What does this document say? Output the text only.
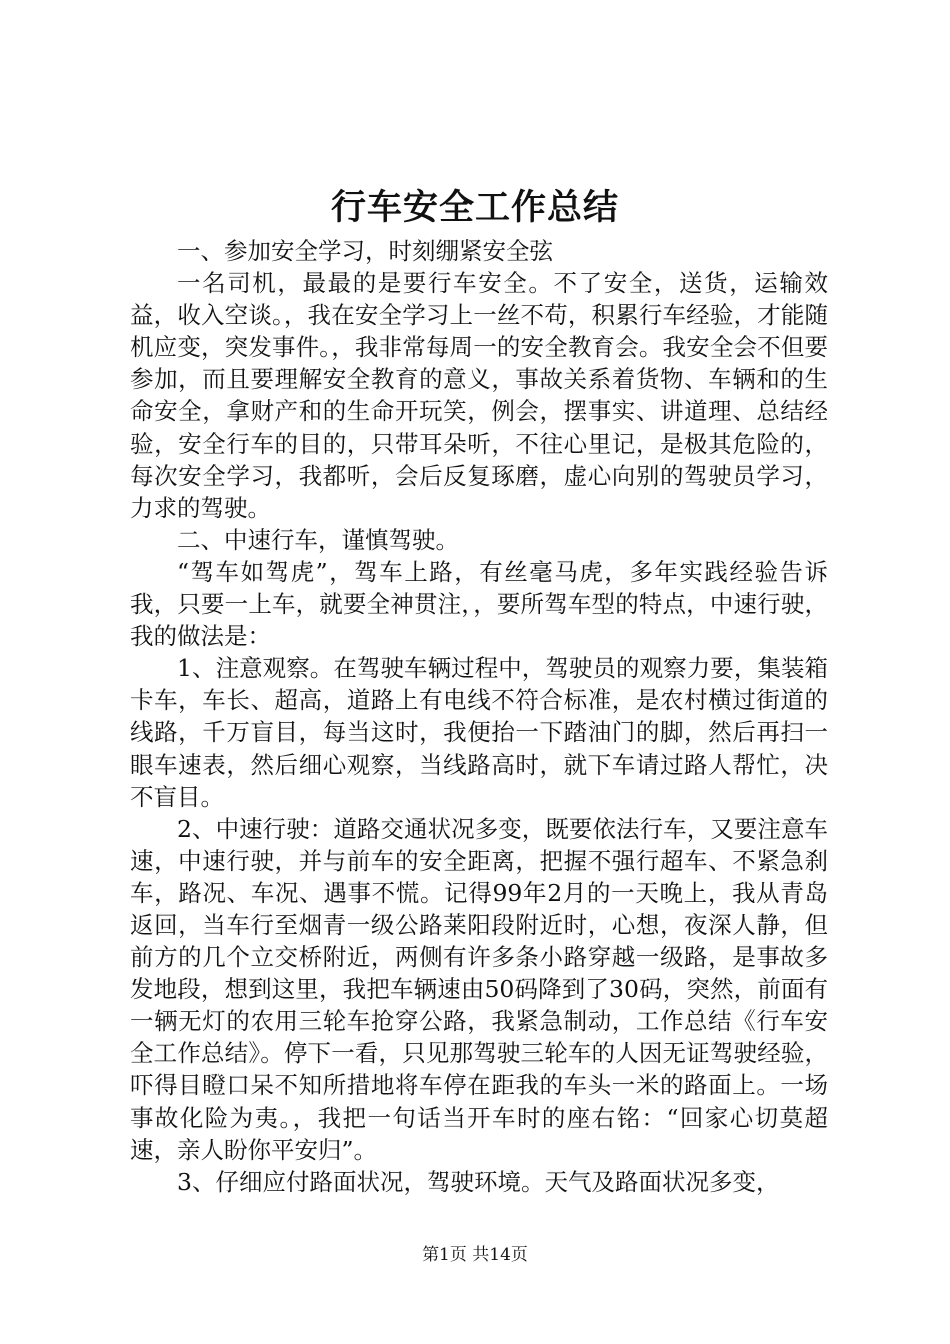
行车安全工作总结

一、参加安全学习，时刻绷紧安全弦

一名司机，最最的是要行车安全。不了安全，送货，运输效益，收入空谈。，我在安全学习上一丝不苟，积累行车经验，才能随机应变，突发事件。，我非常每周一的安全教育会。我安全会不但要参加，而且要理解安全教育的意义，事故关系着货物、车辆和的生命安全，拿财产和的生命开玩笑，例会，摆事实、讲道理、总结经验，安全行车的目的，只带耳朵听，不往心里记，是极其危险的，每次安全学习，我都听，会后反复琢磨，虚心向别的驾驶员学习，力求的驾驶。

二、中速行车，谨慎驾驶。

“驾车如驾虎”，驾车上路，有丝毫马虎，多年实践经验告诉我，只要一上车，就要全神贯注，，要所驾车型的特点，中速行驶，我的做法是：

1、注意观察。在驾驶车辆过程中，驾驶员的观察力要，集装箱卡车，车长、超高，道路上有电线不符合标准，是农村横过街道的线路，千万盲目，每当这时，我便抬一下踏油门的脚，然后再扫一眼车速表，然后细心观察，当线路高时，就下车请过路人帮忙，决不盲目。

2、中速行驶：道路交通状况多变，既要依法行车，又要注意车速，中速行驶，并与前车的安全距离，把握不强行超车、不紧急刹车，路况、车况、遇事不慌。记得99年2月的一天晚上，我从青岛返回，当车行至烟青一级公路莱阳段附近时，心想，夜深人静，但前方的几个立交桥附近，两侧有许多条小路穿越一级路，是事故多发地段，想到这里，我把车辆速由50码降到了30码，突然，前面有一辆无灯的农用三轮车抢穿公路，我紧急制动，工作总结《行车安全工作总结》。停下一看，只见那驾驶三轮车的人因无证驾驶经验，吓得目瞪口呆不知所措地将车停在距我的车头一米的路面上。一场事故化险为夷。，我把一句话当开车时的座右铭：“回家心切莫超速，亲人盼你平安归”。

3、仔细应付路面状况，驾驶环境。天气及路面状况多变，

第1页 共14页
